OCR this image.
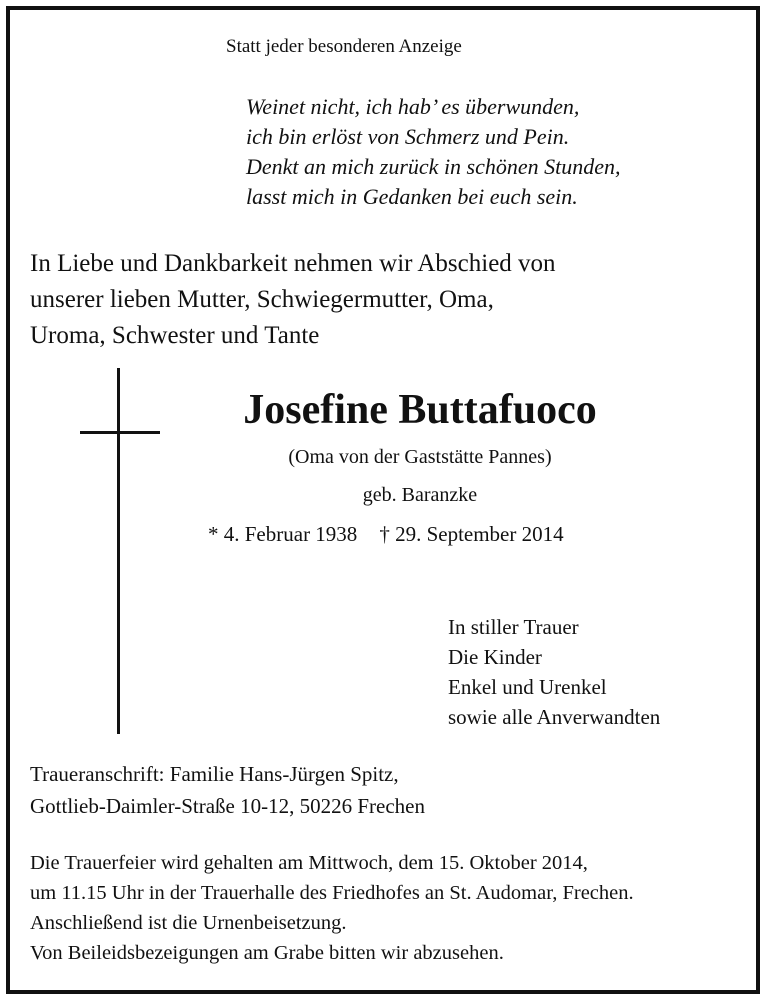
Statt jeder besonderen Anzeige
Weinet nicht, ich hab’ es überwunden,
ich bin erlöst von Schmerz und Pein.
Denkt an mich zurück in schönen Stunden,
lasst mich in Gedanken bei euch sein.
In Liebe und Dankbarkeit nehmen wir Abschied von
unserer lieben Mutter, Schwiegermutter, Oma,
Uroma, Schwester und Tante
Josefine Buttafuoco
(Oma von der Gaststätte Pannes)
geb. Baranzke
* 4. Februar 1938 † 29. September 2014
In stiller Trauer
Die Kinder
Enkel und Urenkel
sowie alle Anverwandten
Traueranschrift: Familie Hans-Jürgen Spitz,
Gottlieb-Daimler-Straße 10-12, 50226 Frechen
Die Trauerfeier wird gehalten am Mittwoch, dem 15. Oktober 2014,
um 11.15 Uhr in der Trauerhalle des Friedhofes an St. Audomar, Frechen.
Anschließend ist die Urnenbeisetzung.
Von Beileidsbezeigungen am Grabe bitten wir abzusehen.
